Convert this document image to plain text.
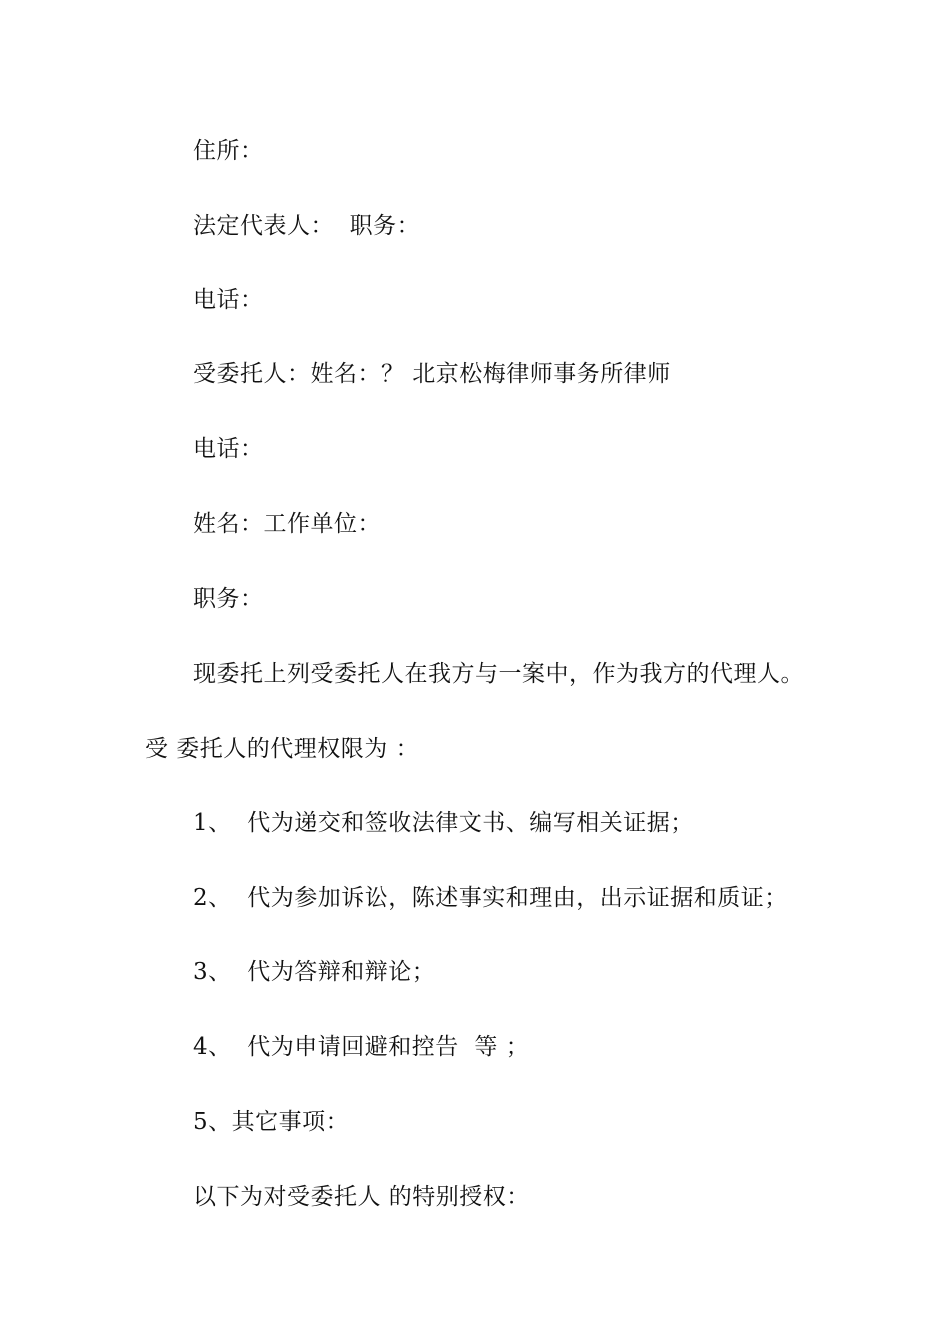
住所：
法定代表人：  职务：
电话：
受委托人：姓名：？ 北京松梅律师事务所律师
电话：
姓名：工作单位：
职务：
现委托上列受委托人在我方与一案中，作为我方的代理人。
受 委托人的代理权限为 ：
1、  代为递交和签收法律文书、编写相关证据；
2、  代为参加诉讼，陈述事实和理由，出示证据和质证；
3、  代为答辩和辩论；
4、  代为申请回避和控告  等 ；
5、其它事项：
以下为对受委托人 的特别授权：
